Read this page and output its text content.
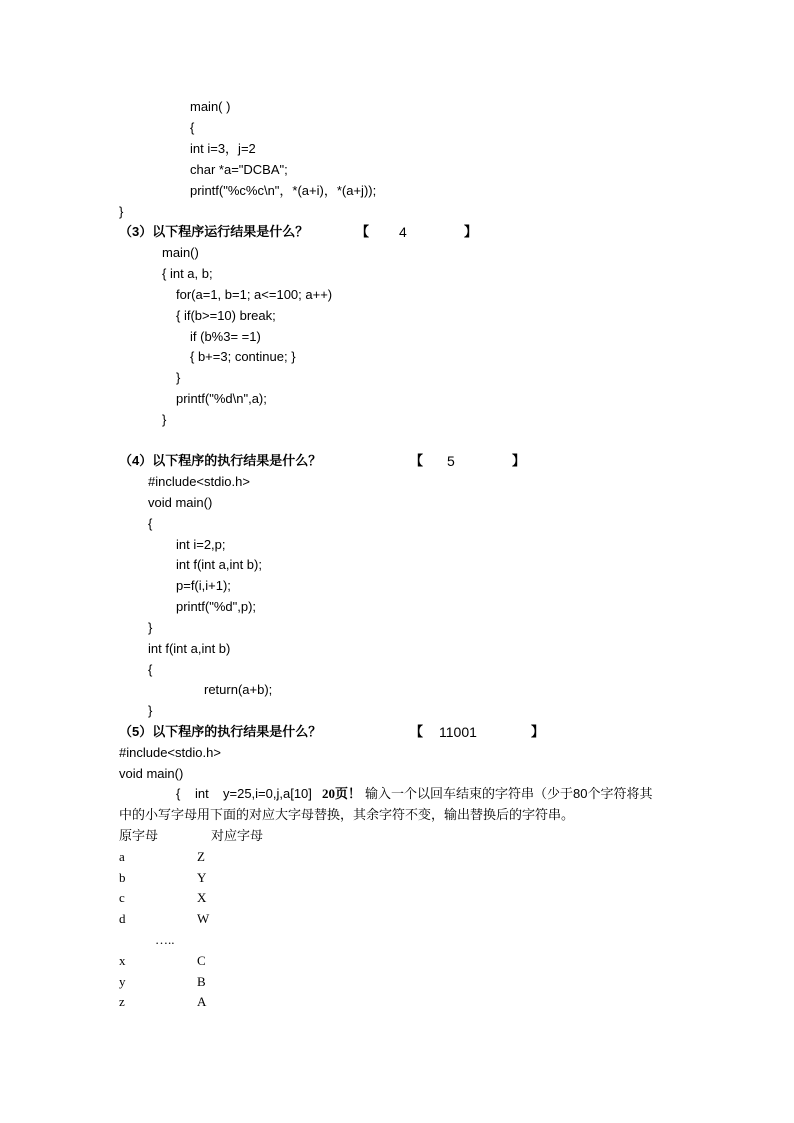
main( )
{
int i=3，j=2
char *a="DCBA";
printf("%c%c\n"，*(a+i)，*(a+j));
}
（3）以下程序运行结果是什么？	【 4	】
main()
{ int a, b;
for(a=1, b=1; a<=100; a++)
{ if(b>=10) break;
if (b%3= =1)
{ b+=3; continue; }
}
printf("%d\n",a);
}
（4）以下程序的执行结果是什么？	【 5	】
#include<stdio.h>
void main()
{
int i=2,p;
int f(int a,int b);
p=f(i,i+1);
printf("%d",p);
}
int f(int a,int b)
{
return(a+b);
}
（5）以下程序的执行结果是什么？	【 11001	】
#include<stdio.h>
void main()
{ int y=25,i=0,j,a[10] 20页！ 输入一个以回车结束的字符串（少于80个字符将其
中的小写字母用下面的对应大字母替换，其余字符不变，输出替换后的字符串。
原字母	对应字母
a	Z
b	Y
c	X
d	W
…..
x	C
y	B
z	A
